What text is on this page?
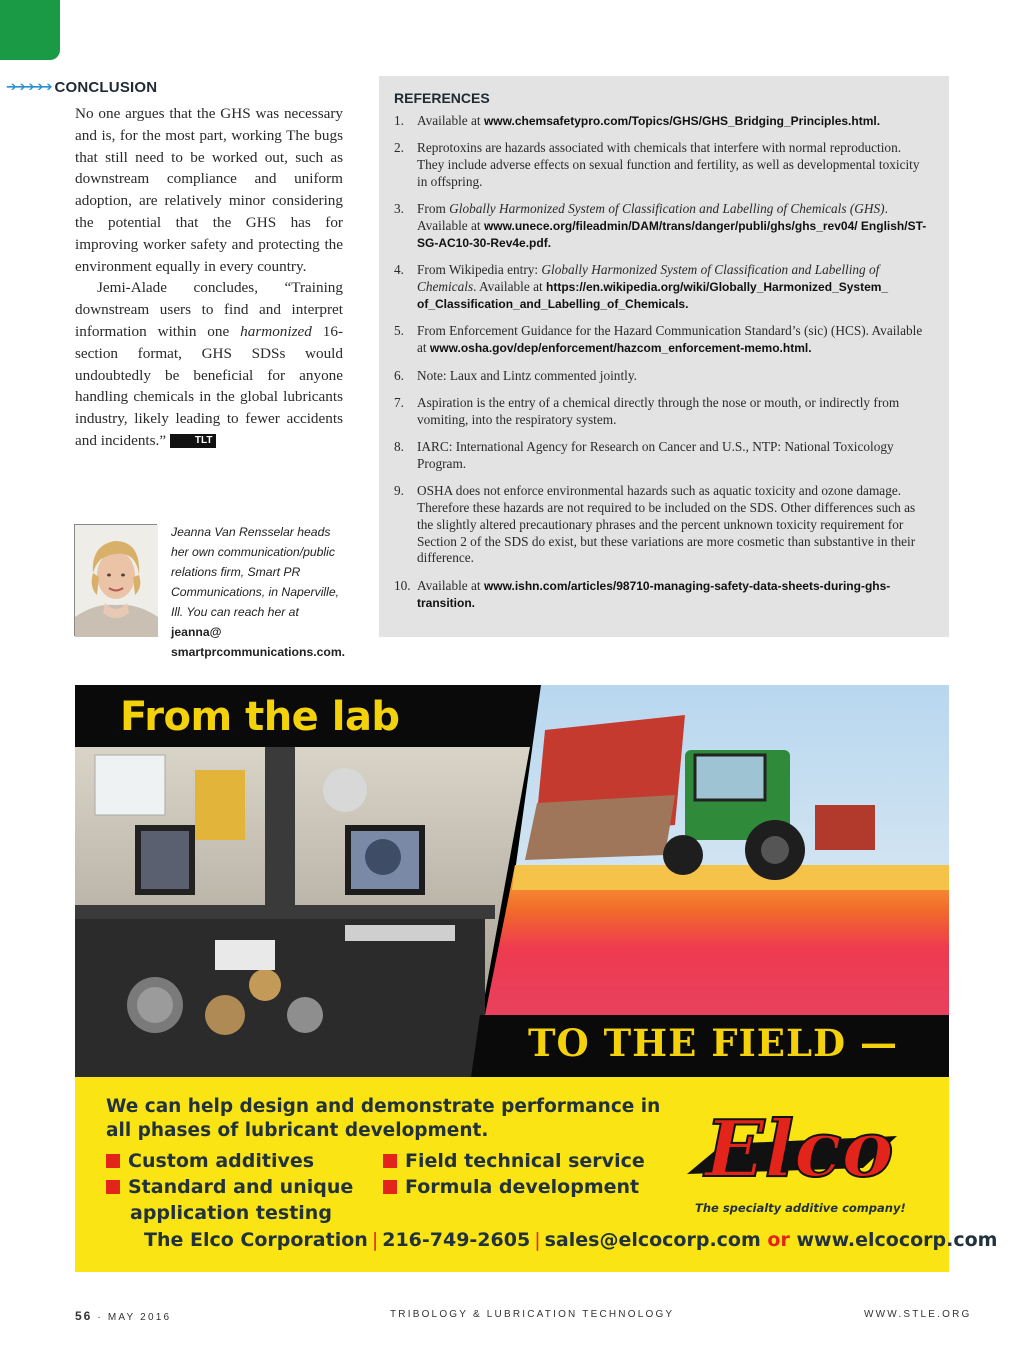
➔➔➔➔➔ CONCLUSION

No one argues that the GHS was necessary and is, for the most part, working The bugs that still need to be worked out, such as downstream compliance and uniform adoption, are relatively minor considering the potential that the GHS has for improving worker safety and protecting the environment equally in every country.

Jemi-Alade concludes, “Training downstream users to find and interpret information within one harmonized 16-section format, GHS SDSs would undoubtedly be beneficial for anyone handling chemicals in the global lubricants industry, likely leading to fewer accidents and incidents.”	TLT

Jeanna Van Rensselar heads her own communication/public relations firm, Smart PR Communications, in Naperville, Ill. You can reach her at jeanna@ smartprcommunications.com.
REFERENCES
1. Available at www.chemsafetypro.com/Topics/GHS/GHS_Bridging_Principles.html.
2. Reprotoxins are hazards associated with chemicals that interfere with normal reproduction. They include adverse effects on sexual function and fertility, as well as developmental toxicity in offspring.
3. From Globally Harmonized System of Classification and Labelling of Chemicals (GHS). Available at www.unece.org/fileadmin/DAM/trans/danger/publi/ghs/ghs_rev04/ English/ST-SG-AC10-30-Rev4e.pdf.
4. From Wikipedia entry: Globally Harmonized System of Classification and Labelling of Chemicals. Available at https://en.wikipedia.org/wiki/Globally_Harmonized_System_ of_Classification_and_Labelling_of_Chemicals.
5. From Enforcement Guidance for the Hazard Communication Standard’s (sic) (HCS). Available at www.osha.gov/dep/enforcement/hazcom_enforcement-memo.html.
6. Note: Laux and Lintz commented jointly.
7. Aspiration is the entry of a chemical directly through the nose or mouth, or indirectly from vomiting, into the respiratory system.
8. IARC: International Agency for Research on Cancer and U.S., NTP: National Toxicology Program.
9. OSHA does not enforce environmental hazards such as aquatic toxicity and ozone damage. Therefore these hazards are not required to be included on the SDS. Other differences such as the slightly altered precautionary phrases and the percent unknown toxicity requirement for Section 2 of the SDS do exist, but these variations are more cosmetic than substantive in their difference.
10. Available at www.ishn.com/articles/98710-managing-safety-data-sheets-during-ghs-transition.
From the lab
TO THE FIELD —
We can help design and demonstrate performance in all phases of lubricant development.
Custom additives
Standard and unique
application testing
Field technical service
Formula development Elco
The specialty additive company!
The Elco Corporation | 216-749-2605 | sales@elcocorp.com or www.elcocorp.com
56 · MAY 2016	TRIBOLOGY & LUBRICATION TECHNOLOGY	WWW.STLE.ORG
